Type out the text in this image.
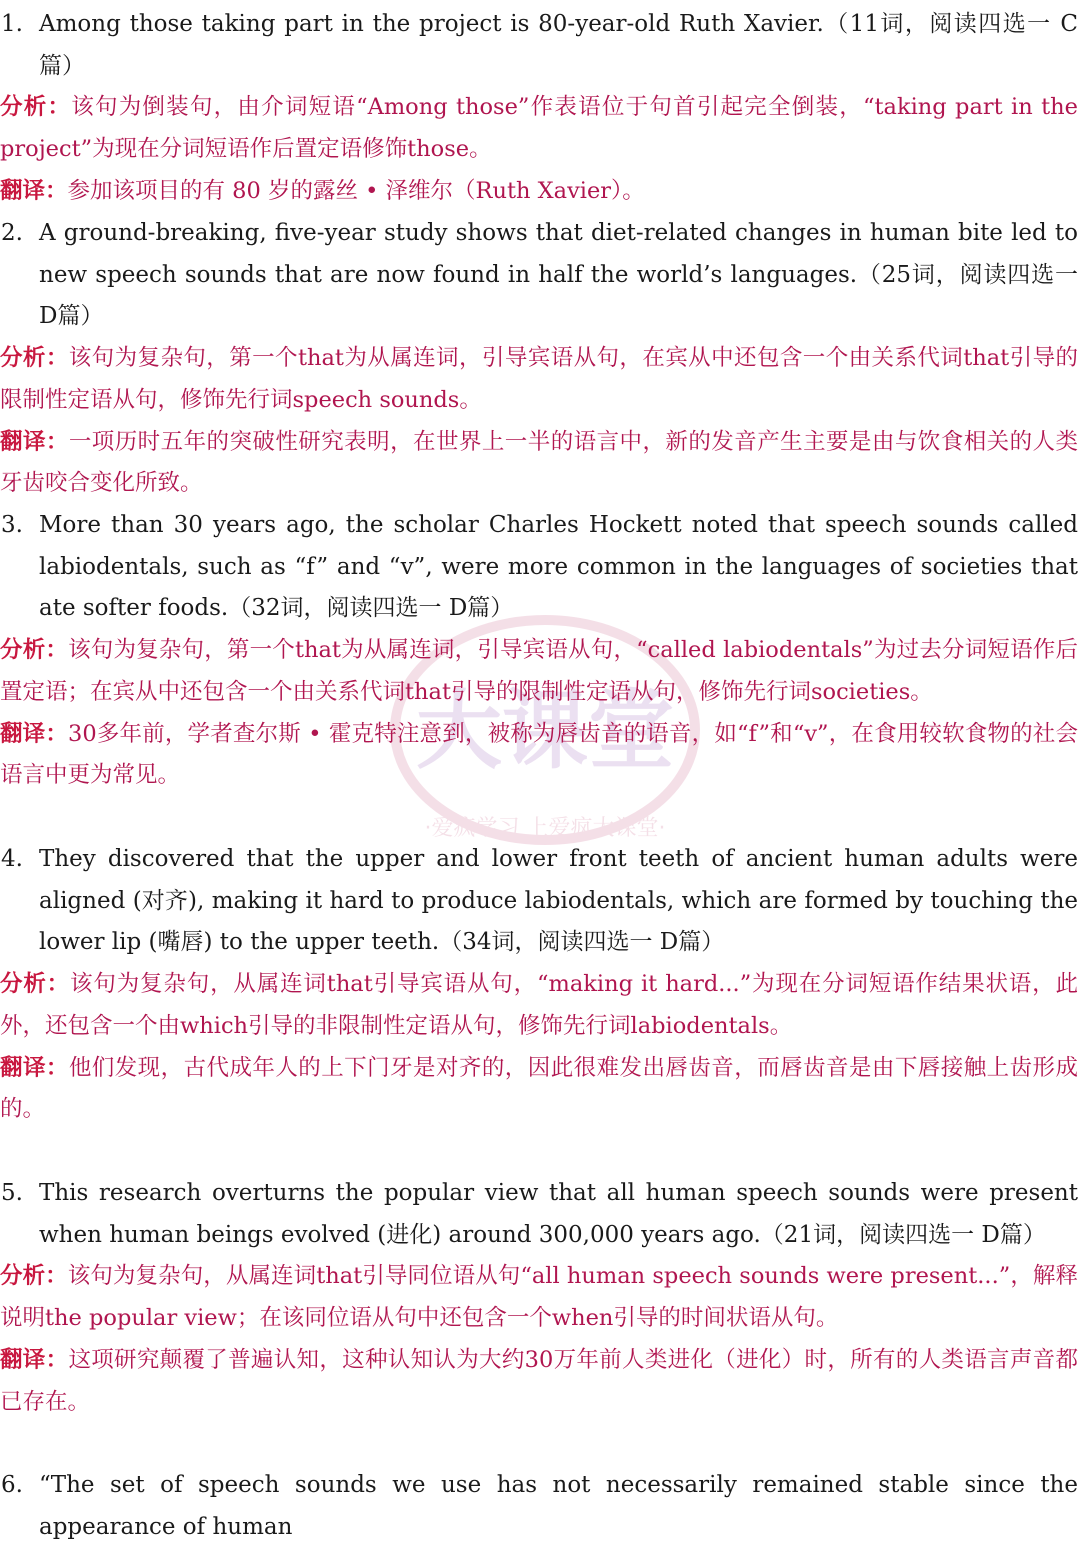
大课堂
·爱疯学习 上爱疯大课堂·
1. Among those taking part in the project is 80-year-old Ruth Xavier.（11词，阅读四选一 C篇）
分析：该句为倒装句，由介词短语“Among those”作表语位于句首引起完全倒装，“taking part in the project”为现在分词短语作后置定语修饰those。
翻译：参加该项目的有 80 岁的露丝 • 泽维尔（Ruth Xavier）。
2. A ground-breaking, five-year study shows that diet-related changes in human bite led to new speech sounds that are now found in half the world’s languages.（25词，阅读四选一 D篇）
分析：该句为复杂句，第一个that为从属连词，引导宾语从句，在宾从中还包含一个由关系代词that引导的限制性定语从句，修饰先行词speech sounds。
翻译：一项历时五年的突破性研究表明，在世界上一半的语言中，新的发音产生主要是由与饮食相关的人类牙齿咬合变化所致。
3. More than 30 years ago, the scholar Charles Hockett noted that speech sounds called labiodentals, such as “f” and “v”, were more common in the languages of societies that ate softer foods.（32词，阅读四选一 D篇）
分析：该句为复杂句，第一个that为从属连词，引导宾语从句，“called labiodentals”为过去分词短语作后置定语；在宾从中还包含一个由关系代词that引导的限制性定语从句，修饰先行词societies。
翻译：30多年前，学者查尔斯 • 霍克特注意到，被称为唇齿音的语音，如“f”和“v”，在食用较软食物的社会语言中更为常见。
4. They discovered that the upper and lower front teeth of ancient human adults were aligned (对齐), making it hard to produce labiodentals, which are formed by touching the lower lip (嘴唇) to the upper teeth.（34词，阅读四选一 D篇）
分析：该句为复杂句，从属连词that引导宾语从句，“making it hard...”为现在分词短语作结果状语，此外，还包含一个由which引导的非限制性定语从句，修饰先行词labiodentals。
翻译：他们发现，古代成年人的上下门牙是对齐的，因此很难发出唇齿音，而唇齿音是由下唇接触上齿形成的。
5. This research overturns the popular view that all human speech sounds were present when human beings evolved (进化) around 300,000 years ago.（21词，阅读四选一 D篇）
分析：该句为复杂句，从属连词that引导同位语从句“all human speech sounds were present...”，解释说明the popular view；在该同位语从句中还包含一个when引导的时间状语从句。
翻译：这项研究颠覆了普遍认知，这种认知认为大约30万年前人类进化（进化）时，所有的人类语言声音都已存在。
6. “The set of speech sounds we use has not necessarily remained stable since the appearance of human
